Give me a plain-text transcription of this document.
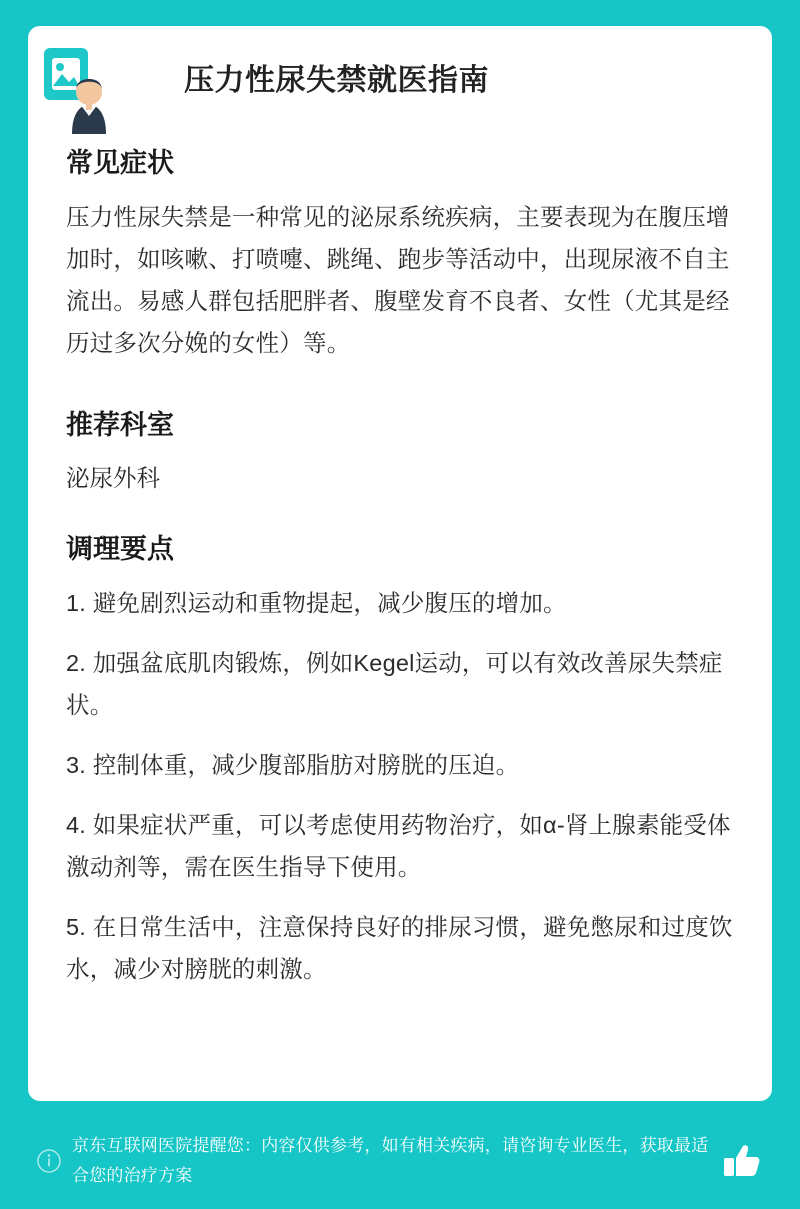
压力性尿失禁就医指南
常见症状

压力性尿失禁是一种常见的泌尿系统疾病，主要表现为在腹压增加时，如咳嗽、打喷嚏、跳绳、跑步等活动中，出现尿液不自主流出。易感人群包括肥胖者、腹壁发育不良者、女性（尤其是经历过多次分娩的女性）等。

推荐科室

泌尿外科

调理要点
1. 避免剧烈运动和重物提起，减少腹压的增加。
2. 加强盆底肌肉锻炼，例如Kegel运动，可以有效改善尿失禁症状。
3. 控制体重，减少腹部脂肪对膀胱的压迫。
4. 如果症状严重，可以考虑使用药物治疗，如α-肾上腺素能受体激动剂等，需在医生指导下使用。
5. 在日常生活中，注意保持良好的排尿习惯，避免憋尿和过度饮水，减少对膀胱的刺激。
京东互联网医院提醒您：内容仅供参考，如有相关疾病，请咨询专业医生，获取最适合您的治疗方案
